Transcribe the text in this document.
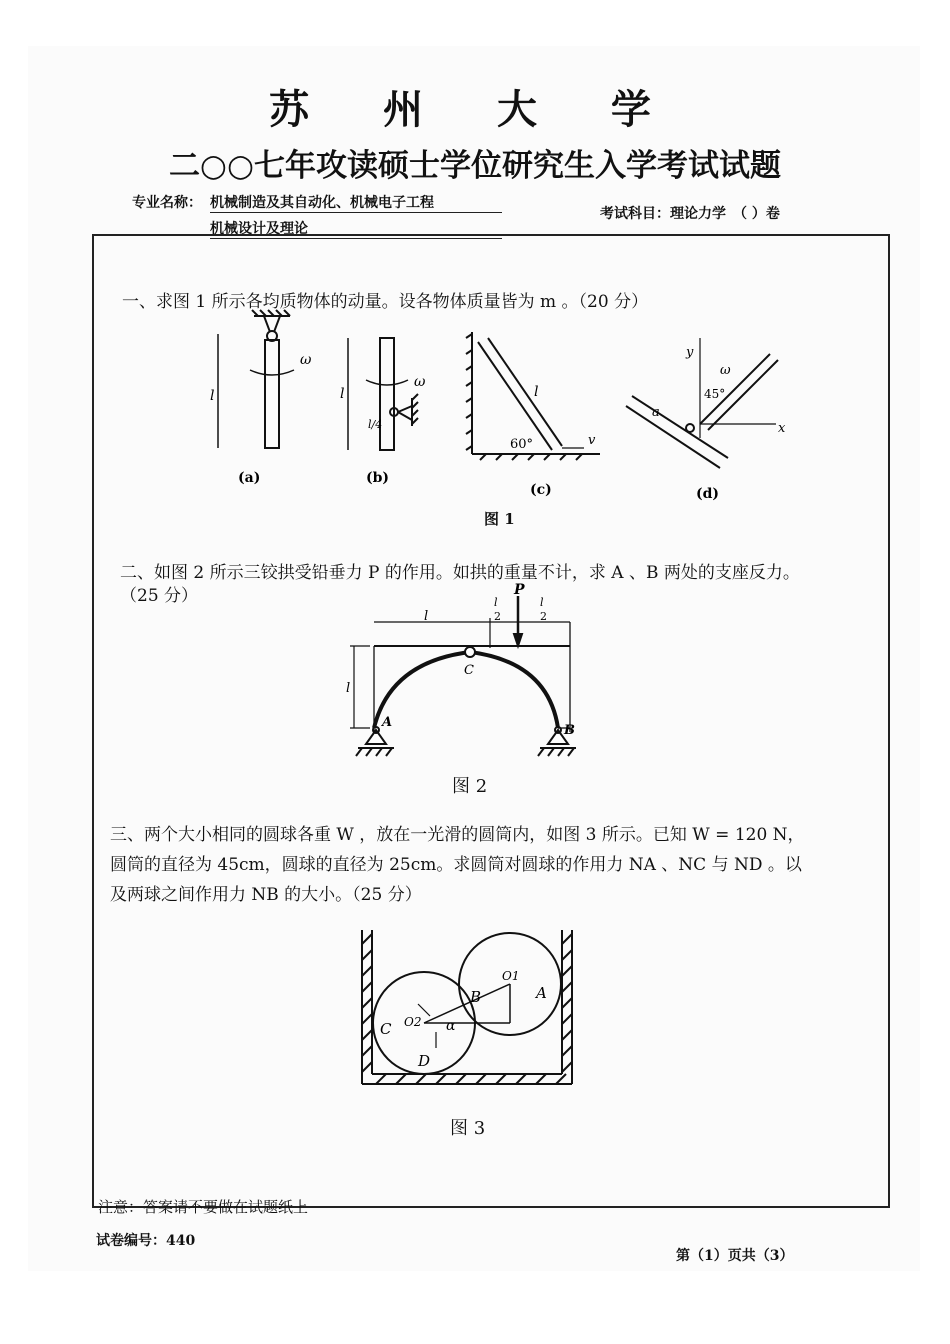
苏 州 大 学
二○○七年攻读硕士学位研究生入学考试试题
专业名称： 机械制造及其自动化、机械电子工程
机械设计及理论
考试科目：理论力学　（ ）卷
一、求图 1 所示各均质物体的动量。设各物体质量皆为 m 。（20 分）
l
ω
(a)
l
l/4
ω
(b)
l
60°	v
(c)
y
x
ω
45°
a
(d)
图 1
二、如图 2 所示三铰拱受铅垂力 P 的作用。如拱的重量不计，求 A 、B 两处的支座反力。
（25 分）	P
C
A
B
l
l
l
2
l
2
图 2
三、两个大小相同的圆球各重 W ，放在一光滑的圆筒内，如图 3 所示。已知 W = 120 N，
圆筒的直径为 45cm，圆球的直径为 25cm。求圆筒对圆球的作用力 NA 、NC 与 ND 。以
及两球之间作用力 NB 的大小。（25 分）
C
D
B	A
O2
O1
α
图 3
注意：答案请不要做在试题纸上
试卷编号：440
第（1）页共（3）
